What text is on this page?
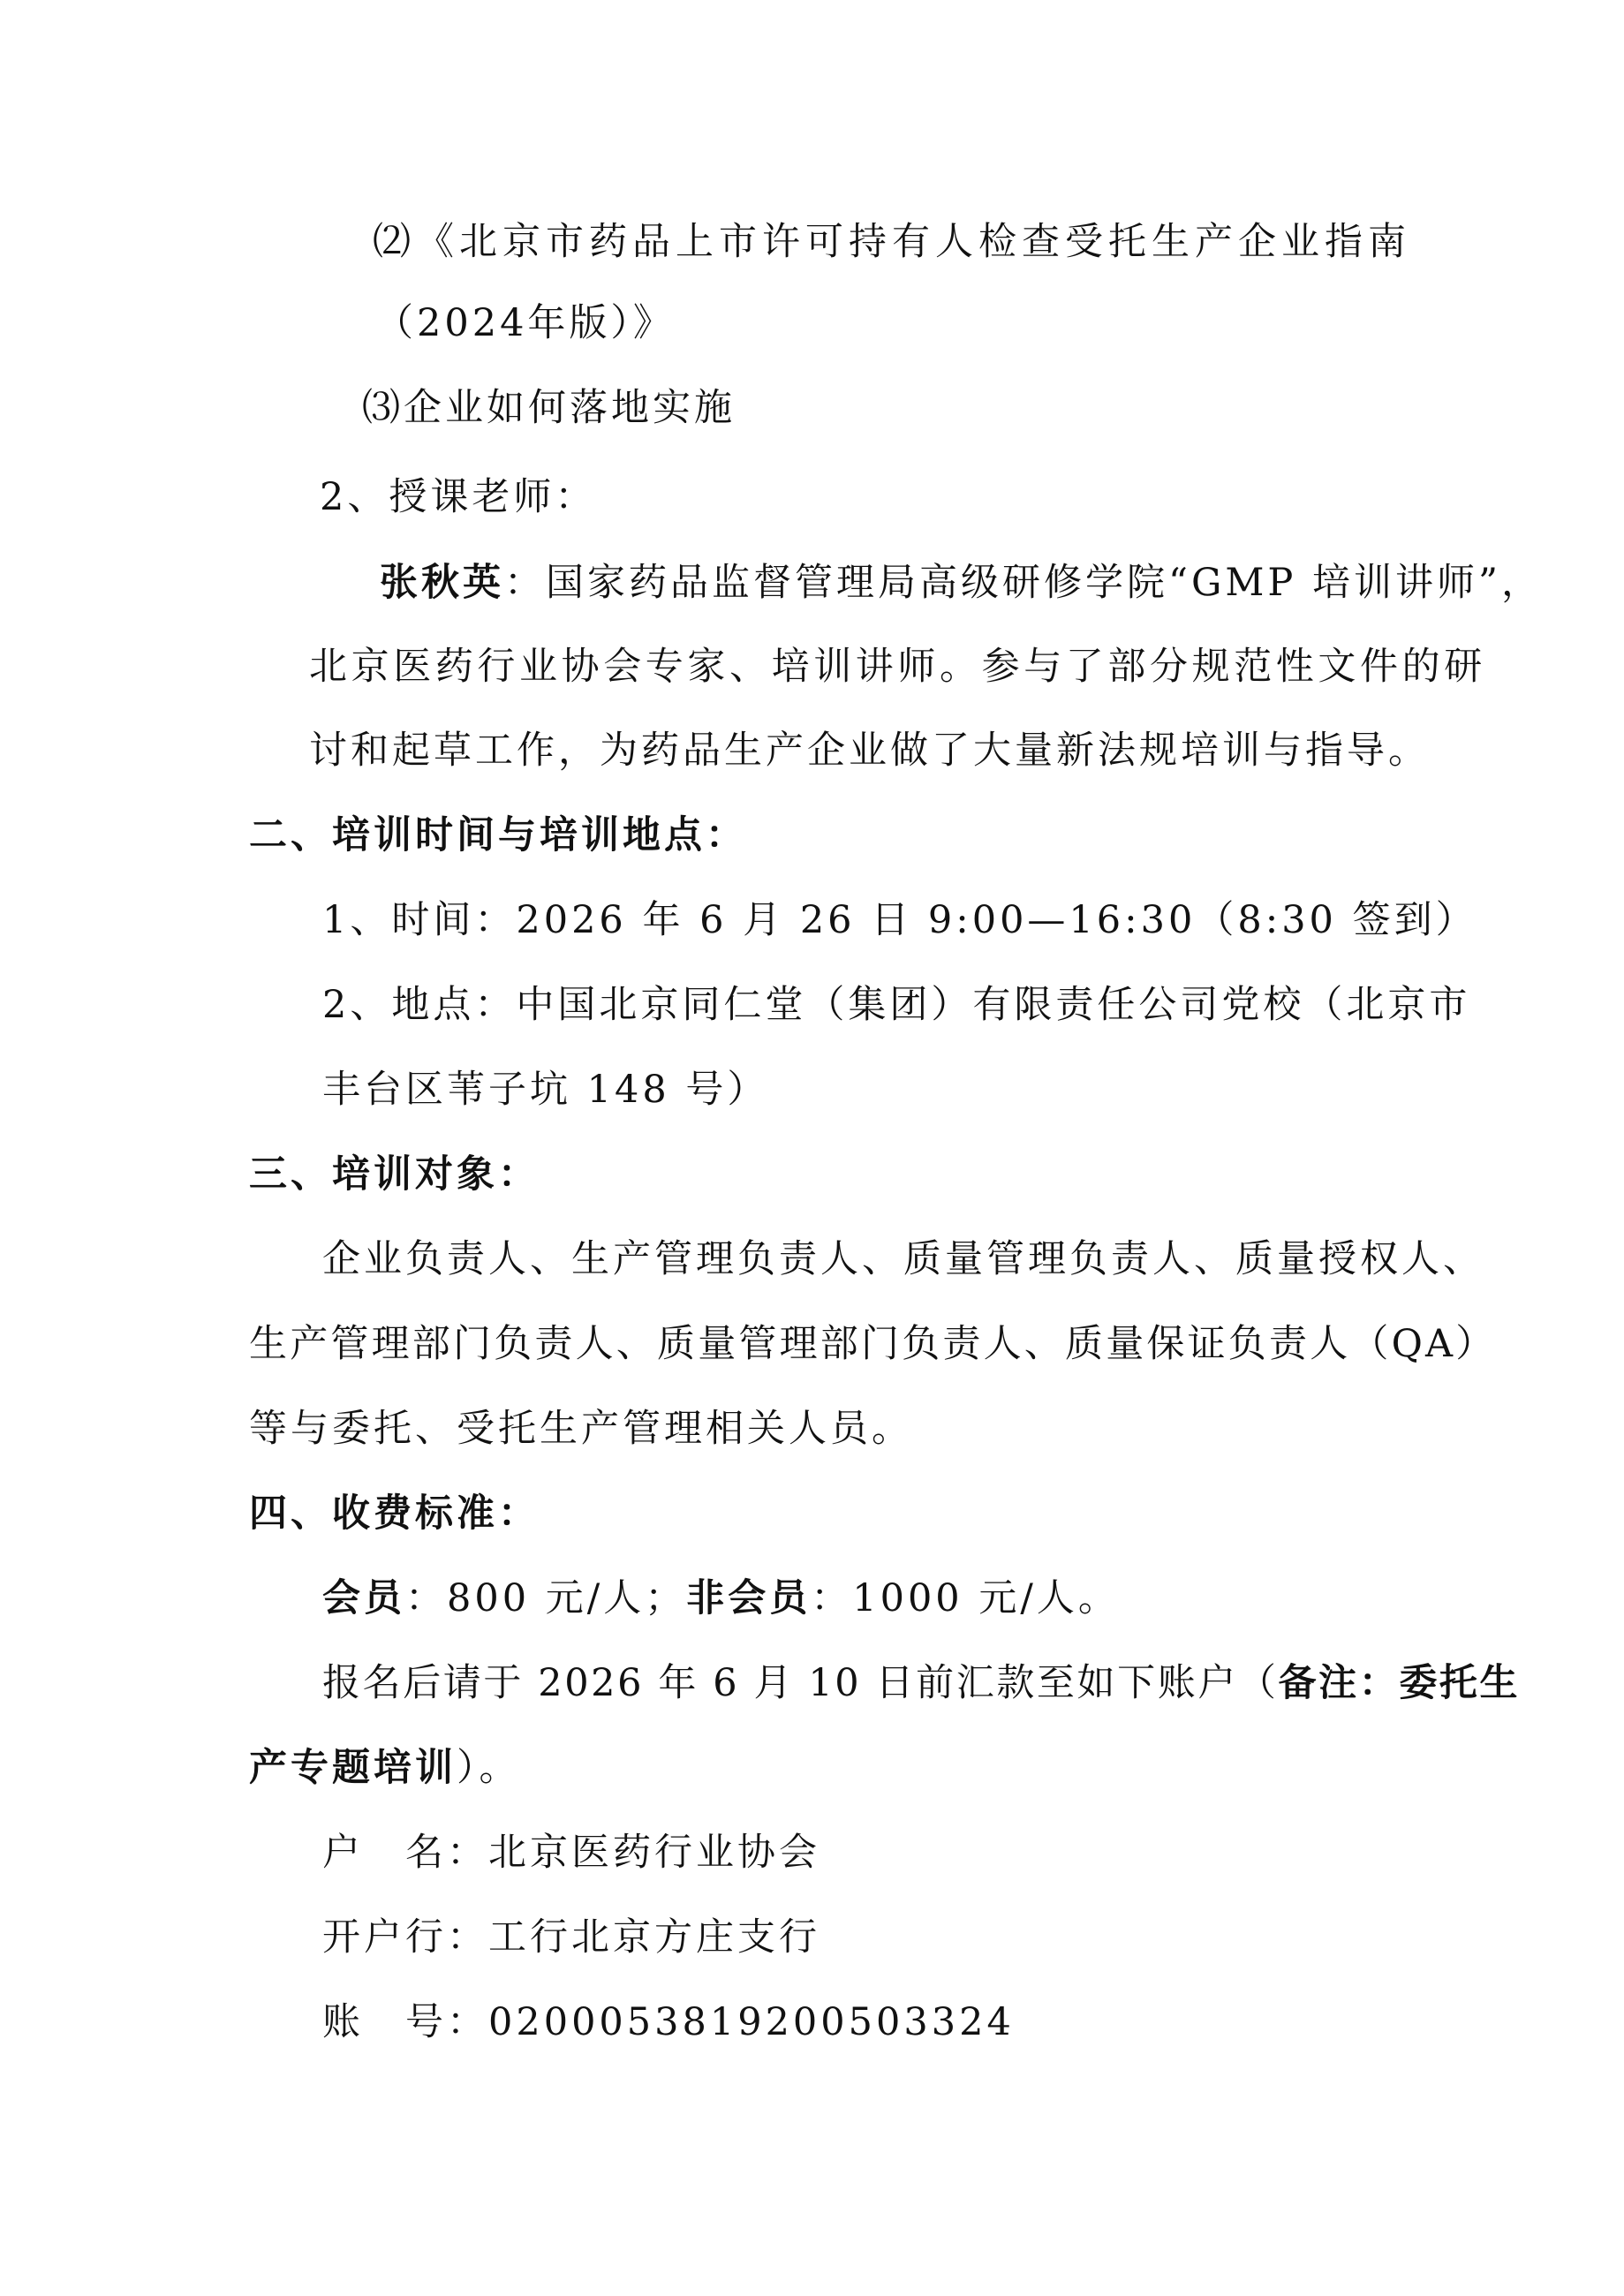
⑵《北京市药品上市许可持有人检查受托生产企业指南
（2024年版）》
⑶企业如何落地实施
2、授课老师：
张秋英：国家药品监督管理局高级研修学院“GMP 培训讲师”，
北京医药行业协会专家、培训讲师。参与了部分规范性文件的研
讨和起草工作，为药品生产企业做了大量新法规培训与指导。
二、培训时间与培训地点：
1、时间：2026 年 6 月 26 日 9:00—16:30（8:30 签到）
2、地点：中国北京同仁堂（集团）有限责任公司党校（北京市
丰台区苇子坑 148 号）
三、培训对象：
企业负责人、生产管理负责人、质量管理负责人、质量授权人、
生产管理部门负责人、质量管理部门负责人、质量保证负责人（QA）
等与委托、受托生产管理相关人员。
四、收费标准：
会员：800 元/人；非会员：1000 元/人。
报名后请于 2026 年 6 月 10 日前汇款至如下账户（备注：委托生
产专题培训）。
户　名：北京医药行业协会
开户行：工行北京方庄支行
账　号：0200053819200503324
